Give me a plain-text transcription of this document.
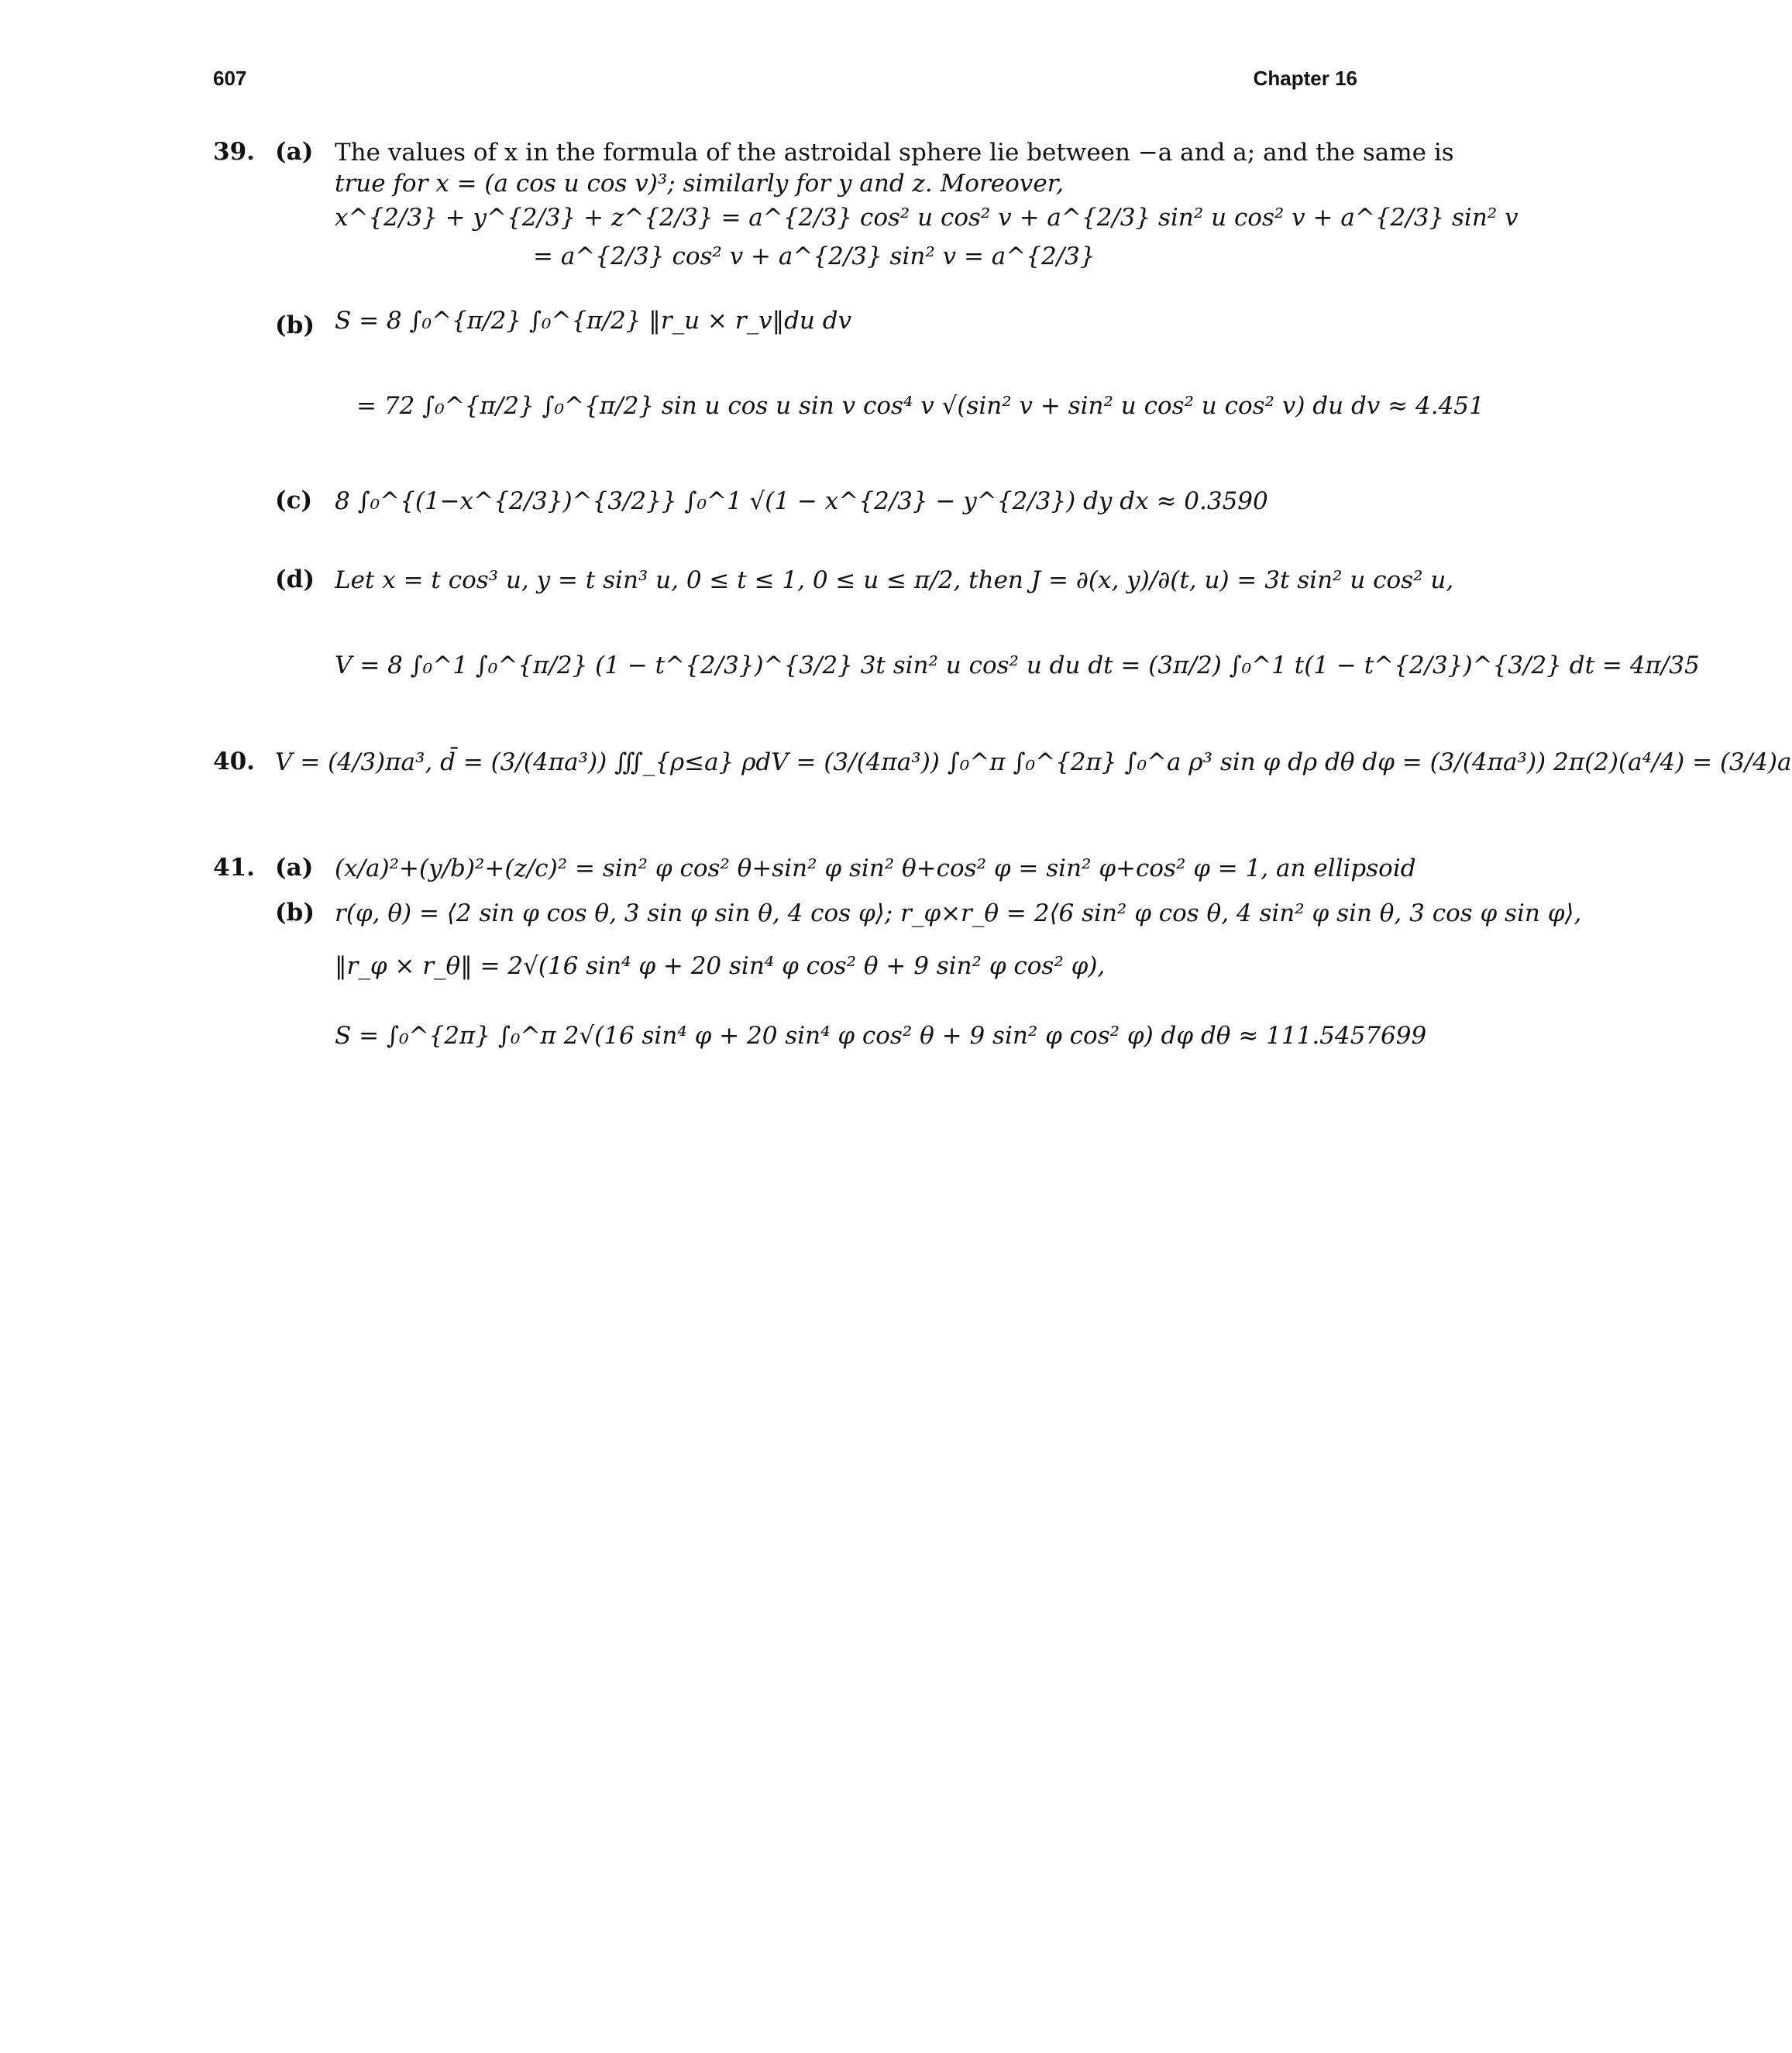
607	Chapter 16
39. (a) The values of x in the formula of the astroidal sphere lie between −a and a; and the same is
true for x = (a cos u cos v)³; similarly for y and z. Moreover,
x^{2/3} + y^{2/3} + z^{2/3} = a^{2/3} cos² u cos² v + a^{2/3} sin² u cos² v + a^{2/3} sin² v
= a^{2/3} cos² v + a^{2/3} sin² v = a^{2/3}
(b) S = 8 ∫₀^{π/2} ∫₀^{π/2} ‖r_u × r_v‖du dv
= 72 ∫₀^{π/2} ∫₀^{π/2} sin u cos u sin v cos⁴ v √(sin² v + sin² u cos² u cos² v) du dv ≈ 4.451
(c) 8 ∫₀^{(1−x^{2/3})^{3/2}} ∫₀^1 √(1 − x^{2/3} − y^{2/3}) dy dx ≈ 0.3590
(d) Let x = t cos³ u, y = t sin³ u, 0 ≤ t ≤ 1, 0 ≤ u ≤ π/2, then J = ∂(x, y)/∂(t, u) = 3t sin² u cos² u,
V = 8 ∫₀^1 ∫₀^{π/2} (1 − t^{2/3})^{3/2} 3t sin² u cos² u du dt = (3π/2) ∫₀^1 t(1 − t^{2/3})^{3/2} dt = 4π/35
40. V = (4/3)πa³, d̄ = (3/(4πa³)) ∭_{ρ≤a} ρdV = (3/(4πa³)) ∫₀^π ∫₀^{2π} ∫₀^a ρ³ sin φ dρ dθ dφ = (3/(4πa³)) 2π(2)(a⁴/4) = (3/4)a
41. (a) (x/a)²+(y/b)²+(z/c)² = sin² φ cos² θ+sin² φ sin² θ+cos² φ = sin² φ+cos² φ = 1, an ellipsoid
(b) r(φ, θ) = ⟨2 sin φ cos θ, 3 sin φ sin θ, 4 cos φ⟩; r_φ×r_θ = 2⟨6 sin² φ cos θ, 4 sin² φ sin θ, 3 cos φ sin φ⟩,
‖r_φ × r_θ‖ = 2√(16 sin⁴ φ + 20 sin⁴ φ cos² θ + 9 sin² φ cos² φ),
S = ∫₀^{2π} ∫₀^π 2√(16 sin⁴ φ + 20 sin⁴ φ cos² θ + 9 sin² φ cos² φ) dφ dθ ≈ 111.5457699
